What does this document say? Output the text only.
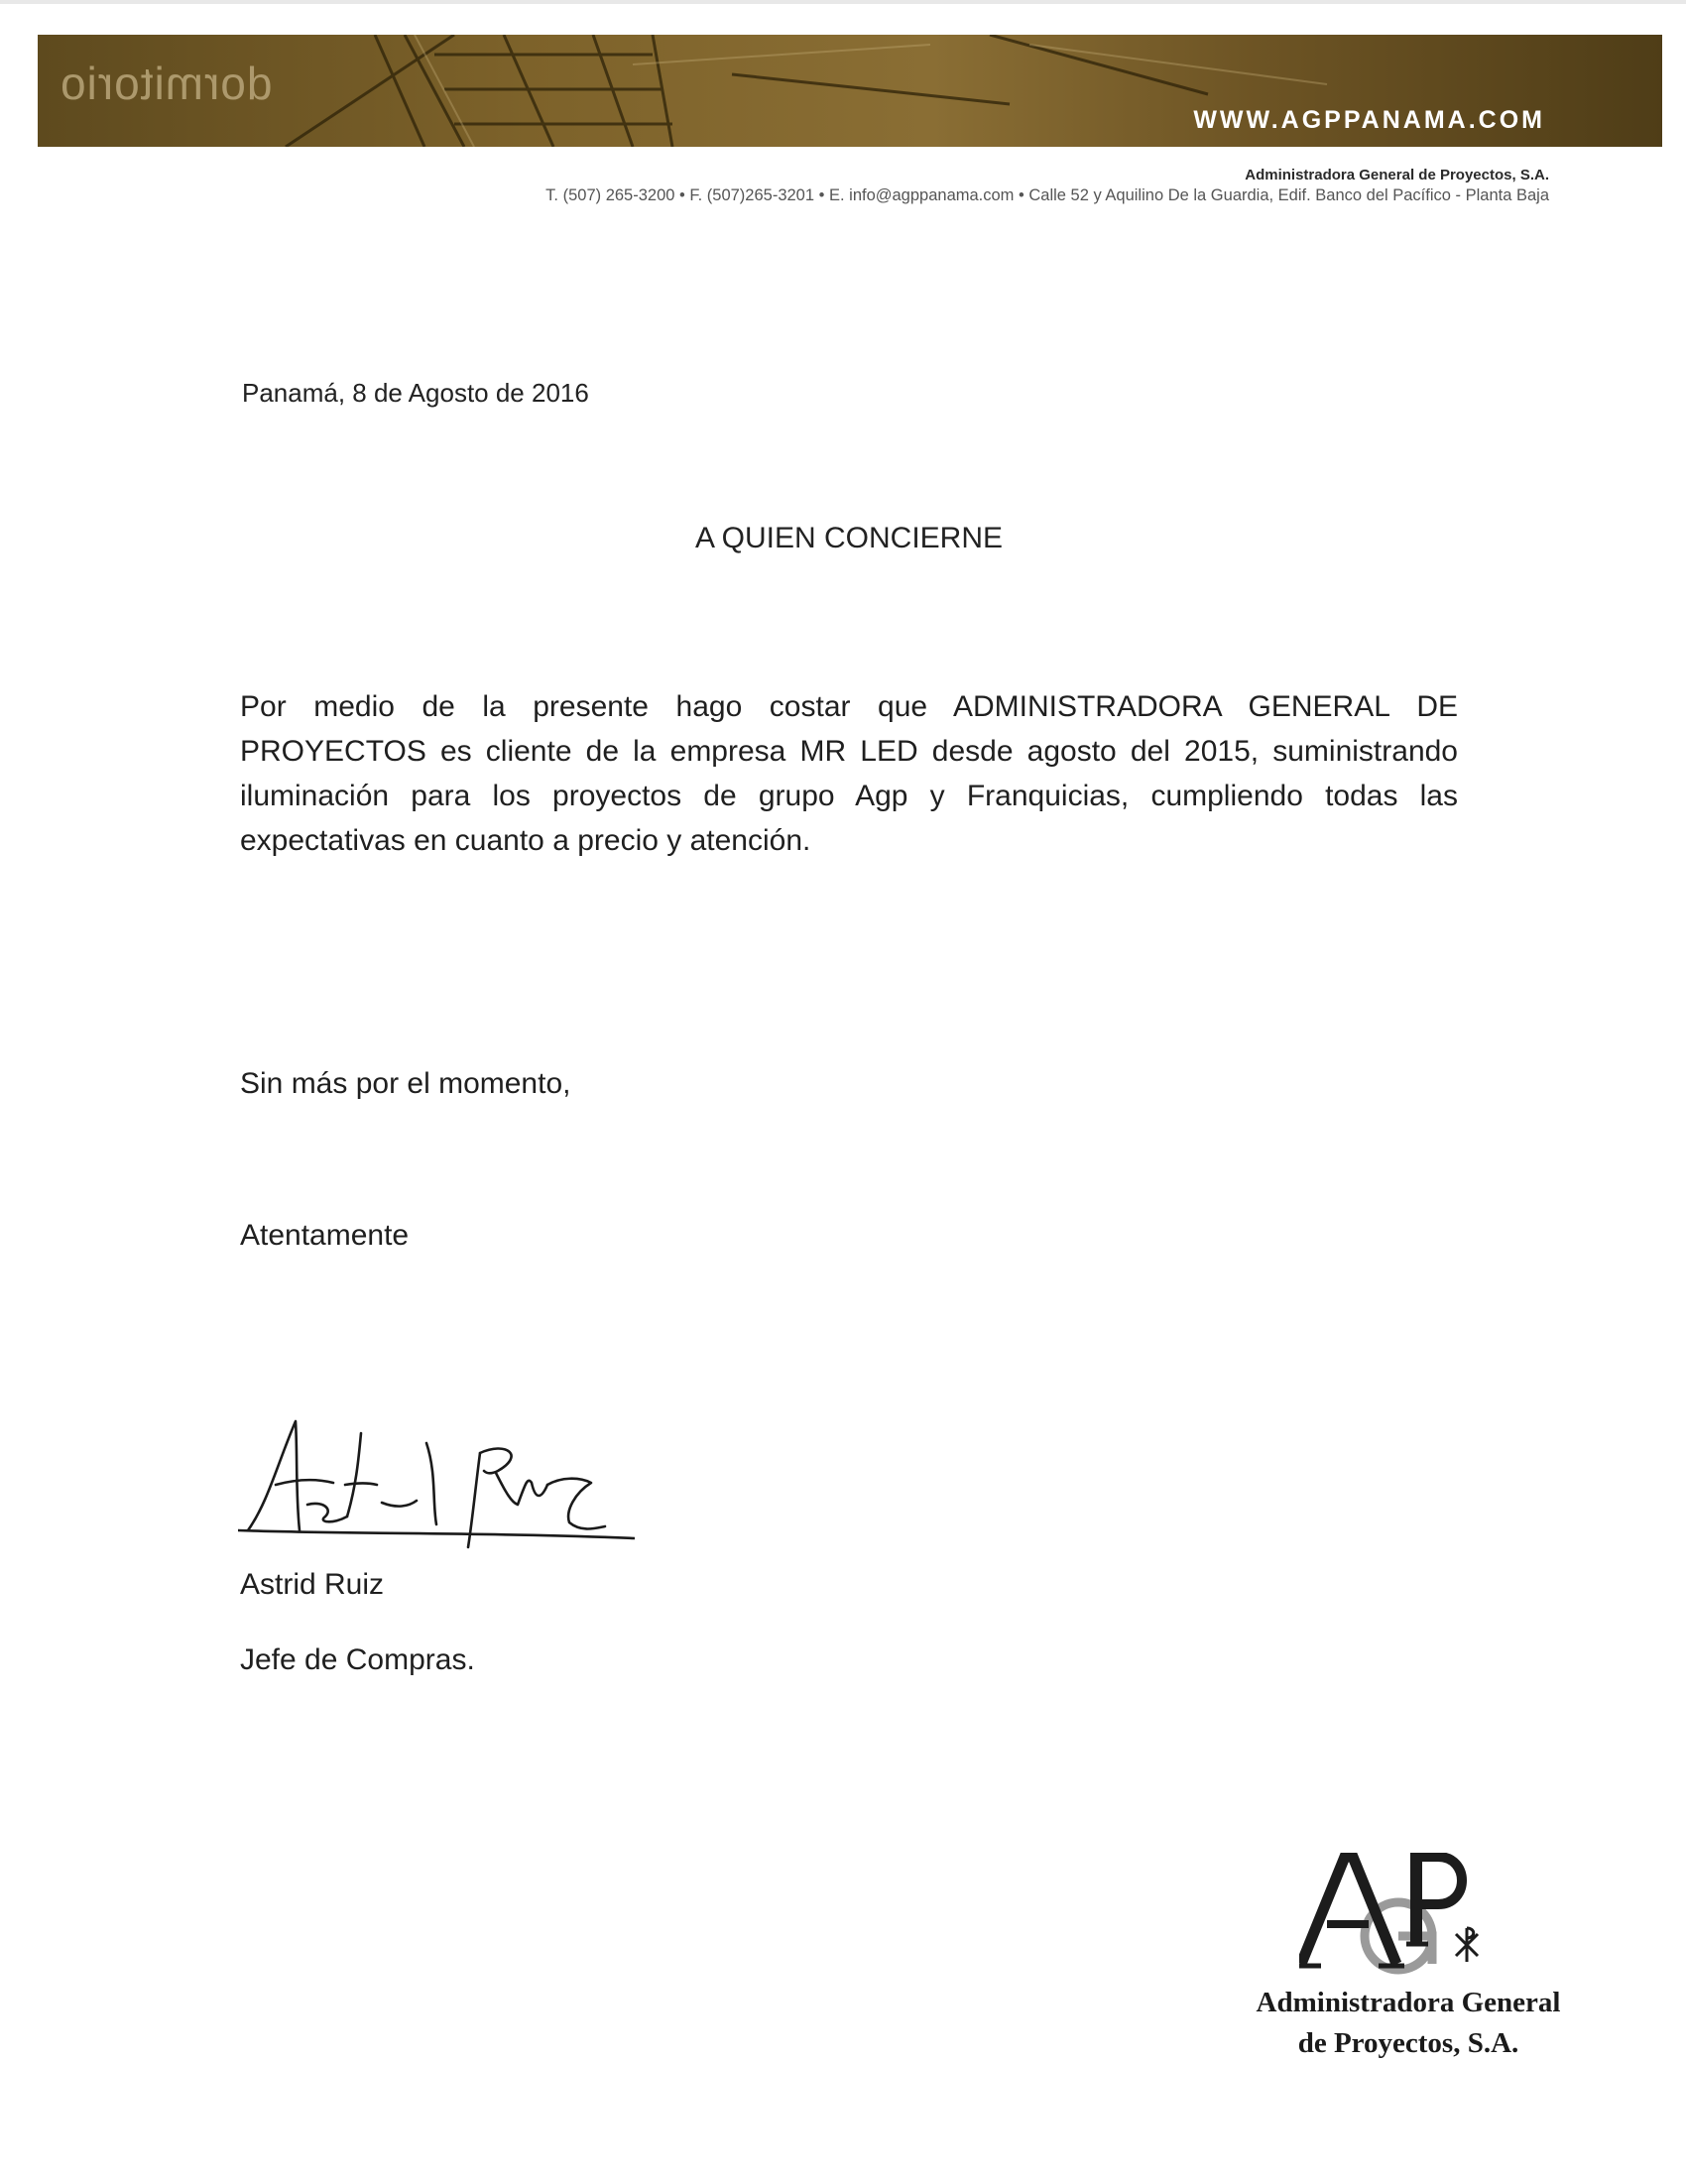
dormitorio
WWW.AGPPANAMA.COM
Administradora General de Proyectos, S.A.
T. (507) 265-3200 • F. (507)265-3201 • E. info@agppanama.com • Calle 52 y Aquilino De la Guardia, Edif. Banco del Pacífico - Planta Baja
Panamá, 8 de Agosto de 2016
A QUIEN CONCIERNE
Por medio de la presente hago costar que ADMINISTRADORA GENERAL DE PROYECTOS es cliente de la empresa MR LED desde agosto del 2015, suministrando iluminación para los proyectos de grupo Agp y Franquicias, cumpliendo todas las expectativas en cuanto a precio y atención.
Sin más por el momento,
Atentamente
Astrid Ruiz
Jefe de Compras.
Administradora General
de Proyectos, S.A.
